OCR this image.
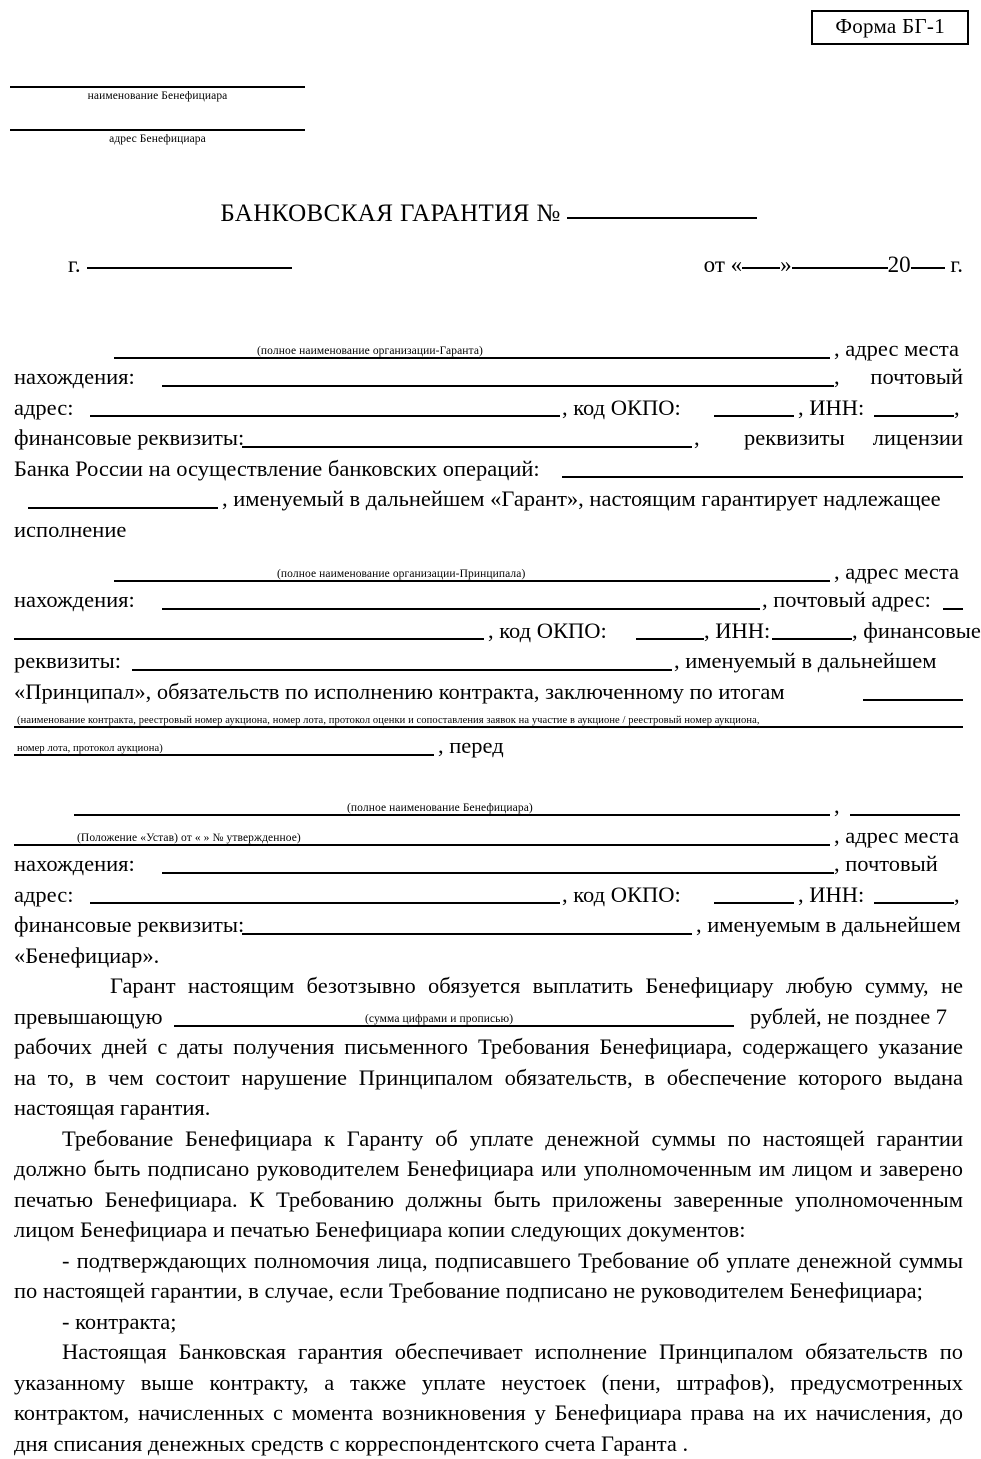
Форма БГ-1
наименование Бенефициара
адрес Бенефициара
БАНКОВСКАЯ ГАРАНТИЯ №
г.	от « »	20 г.
(полное наименование организации-Гаранта)	, адрес места
нахождения:	, почтовый
адрес:	, код ОКПО:	, ИНН:	,
финансовые реквизиты:	, реквизиты лицензии
Банка России на осуществление банковских операций:
, именуемый в дальнейшем «Гарант», настоящим гарантирует надлежащее
исполнение
(полное наименование организации-Принципала)	, адрес места
нахождения:	, почтовый адрес:
, код ОКПО:	, ИНН:	, финансовые
реквизиты:	, именуемый в дальнейшем
«Принципал», обязательств по исполнению контракта, заключенному по итогам
(наименование контракта, реестровый номер аукциона, номер лота, протокол оценки и сопоставления заявок на участие в аукционе / реестровый номер аукциона,
номер лота, протокол аукциона)	, перед
(полное наименование Бенефициара)	,
(Положение «Устав) от « » № утвержденное)	, адрес места
нахождения:	, почтовый
адрес:	, код ОКПО:	, ИНН:	,
финансовые реквизиты:	, именуемым в дальнейшем
«Бенефициар».
Гарант настоящим безотзывно обязуется выплатить Бенефициару любую сумму, не
превышающую	(сумма цифрами и прописью)	рублей, не позднее 7
рабочих дней с даты получения письменного Требования Бенефициара, содержащего указание
на то, в чем состоит нарушение Принципалом обязательств, в обеспечение которого выдана
настоящая гарантия.

Требование Бенефициара к Гаранту об уплате денежной суммы по настоящей гарантии должно быть подписано руководителем Бенефициара или уполномоченным им лицом и заверено печатью Бенефициара. К Требованию должны быть приложены заверенные уполномоченным лицом Бенефициара и печатью Бенефициара копии следующих документов:

- подтверждающих полномочия лица, подписавшего Требование об уплате денежной суммы по настоящей гарантии, в случае, если Требование подписано не руководителем Бенефициара;

- контракта;

Настоящая Банковская гарантия обеспечивает исполнение Принципалом обязательств по указанному выше контракту, а также уплате неустоек (пени, штрафов), предусмотренных контрактом, начисленных с момента возникновения у Бенефициара права на их начисления, до дня списания денежных средств с корреспондентского счета Гаранта .
